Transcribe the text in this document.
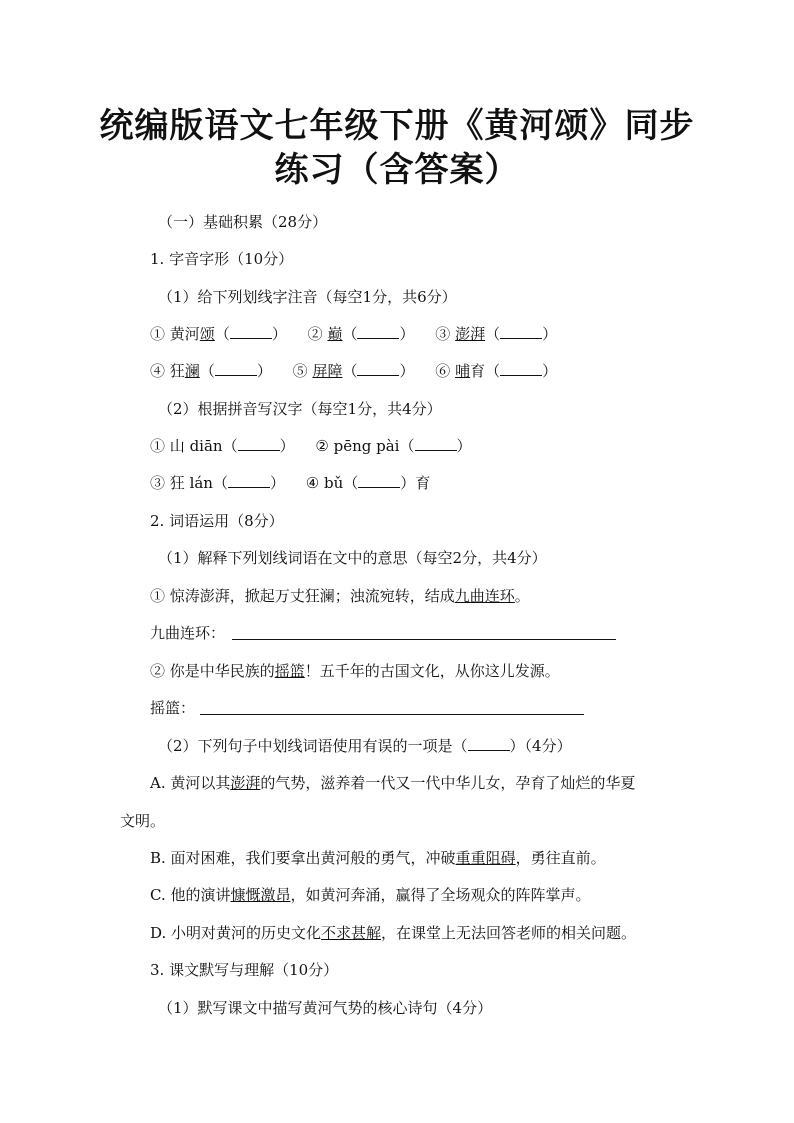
统编版语文七年级下册《黄河颂》同步
练习（含答案）
（一）基础积累（28分）
1. 字音字形（10分）
（1）给下列划线字注音（每空1分，共6分）
① 黄河颂（	） ② 巅（	） ③ 澎湃（	）
④ 狂澜（	） ⑤ 屏障（	） ⑥ 哺育（	）
（2）根据拼音写汉字（每空1分，共4分）
① 山 diān（	） ② pēng pài（	）
③ 狂 lán（	） ④ bǔ（	）育
2. 词语运用（8分）
（1）解释下列划线词语在文中的意思（每空2分，共4分）
① 惊涛澎湃，掀起万丈狂澜；浊流宛转，结成九曲连环。
九曲连环：
② 你是中华民族的摇篮！五千年的古国文化，从你这儿发源。
摇篮：
（2）下列句子中划线词语使用有误的一项是（	）（4分）
A. 黄河以其澎湃的气势，滋养着一代又一代中华儿女，孕育了灿烂的华夏
文明。
B. 面对困难，我们要拿出黄河般的勇气，冲破重重阻碍，勇往直前。
C. 他的演讲慷慨激昂，如黄河奔涌，赢得了全场观众的阵阵掌声。
D. 小明对黄河的历史文化不求甚解，在课堂上无法回答老师的相关问题。
3. 课文默写与理解（10分）
（1）默写课文中描写黄河气势的核心诗句（4分）
